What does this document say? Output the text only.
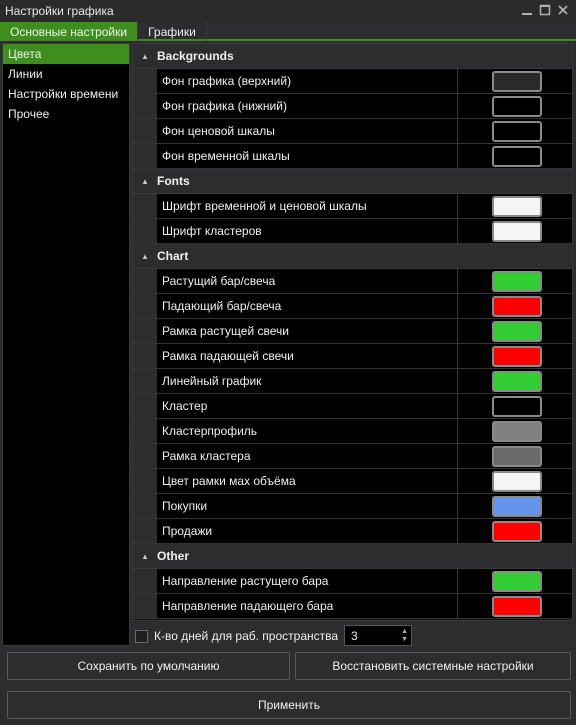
Настройки графика
Основные настройки	Графики
Цвета
Линии
Настройки времени
Прочее
▲ Backgrounds
Фон графика (верхний)
Фон графика (нижний)
Фон ценовой шкалы
Фон временной шкалы
▲ Fonts
Шрифт временной и ценовой шкалы
Шрифт кластеров
▲ Chart
Растущий бар/свеча
Падающий бар/свеча
Рамка растущей свечи
Рамка падающей свечи
Линейный график
Кластер
Кластерпрофиль
Рамка кластера
Цвет рамки мах объёма
Покупки
Продажи
▲ Other
Направление растущего бара
Направление падающего бара
К-во дней для раб. пространства 3	▲
▼
Сохранить по умолчанию	Восстановить системные настройки
Применить
